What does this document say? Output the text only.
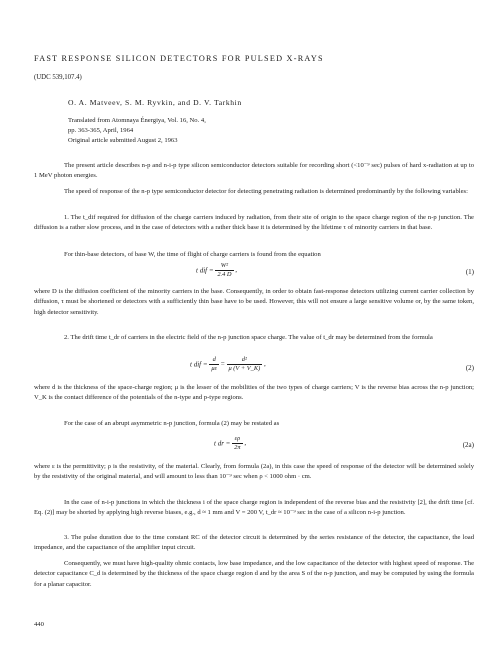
FAST RESPONSE SILICON DETECTORS FOR PULSED X-RAYS
(UDC 539,107.4)
O. A. Matveev, S. M. Ryvkin, and D. V. Tarkhin
Translated from Atomnaya Énergiya, Vol. 16, No. 4,
pp. 363-365, April, 1964
Original article submitted August 2, 1963
The present article describes n-p and n-i-p type silicon semiconductor detectors suitable for recording short (<10⁻⁹ sec) pulses of hard x-radiation at up to 1 MeV photon energies.
The speed of response of the n-p type semiconductor detector for detecting penetrating radiation is determined predominantly by the following variables:
1. The t_dif required for diffusion of the charge carriers induced by radiation, from their site of origin to the space charge region of the n-p junction. The diffusion is a rather slow process, and in the case of detectors with a rather thick base it is determined by the lifetime τ of minority carriers in that base.
For thin-base detectors, of base W, the time of flight of charge carriers is found from the equation
t dif = $\frac{\text{W²}}{2.4 D}$ ,	(1)
where D is the diffusion coefficient of the minority carriers in the base. Consequently, in order to obtain fast-response detectors utilizing current carrier collection by diffusion, τ must be shortened or detectors with a sufficiently thin base have to be used. However, this will not ensure a large sensitive volume or, by the same token, high detector sensitivity.
2. The drift time t_dr of carriers in the electric field of the n-p junction space charge. The value of t_dr may be determined from the formula
t dif = $\frac{d}{\mu\varepsilon} = \frac{\text{d²}}{\mu (V + V\_K)}$ ,	(2)
where d is the thickness of the space-charge region; μ is the lesser of the mobilities of the two types of charge carriers; V is the reverse bias across the n-p junction; V_K is the contact difference of the potentials of the n-type and p-type regions.
For the case of an abrupt asymmetric n-p junction, formula (2) may be restated as
t dr = $\frac{\varepsilon\rho}{2\pi}$ ,	(2a)
where ε is the permittivity; ρ is the resistivity, of the material. Clearly, from formula (2a), in this case the speed of response of the detector will be determined solely by the resistivity of the original material, and will amount to less than 10⁻⁹ sec when ρ < 1000 ohm · cm.
In the case of n-i-p junctions in which the thickness i of the space charge region is independent of the reverse bias and the resistivity [2], the drift time [cf. Eq. (2)] may be shorted by applying high reverse biases, e.g., d ≈ 1 mm and V = 200 V, t_dr ≈ 10⁻⁹ sec in the case of a silicon n-i-p junction.
3. The pulse duration due to the time constant RC of the detector circuit is determined by the series resistance of the detector, the capacitance, the load impedance, and the capacitance of the amplifier input circuit.
Consequently, we must have high-quality ohmic contacts, low base impedance, and the low capacitance of the detector with highest speed of response. The detector capacitance C_d is determined by the thickness of the space charge region d and by the area S of the n-p junction, and may be computed by using the formula for a planar capacitor.
440
